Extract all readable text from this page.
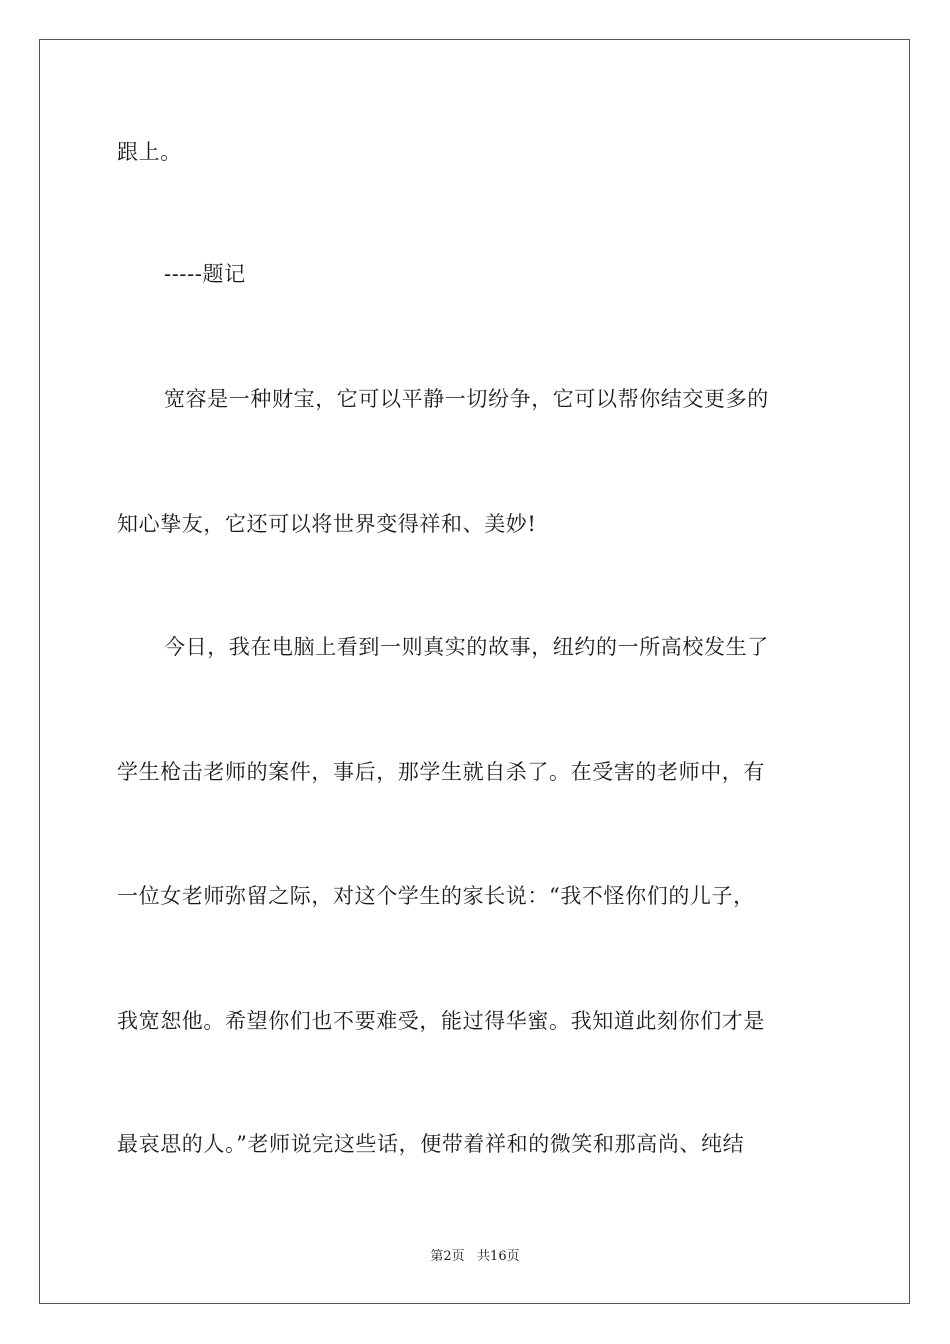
跟上。
-----题记
宽容是一种财宝，它可以平静一切纷争，它可以帮你结交更多的
知心挚友，它还可以将世界变得祥和、美妙!
今日，我在电脑上看到一则真实的故事，纽约的一所高校发生了
学生枪击老师的案件，事后，那学生就自杀了。在受害的老师中，有
一位女老师弥留之际，对这个学生的家长说：“我不怪你们的儿子，
我宽恕他。希望你们也不要难受，能过得华蜜。我知道此刻你们才是
最哀思的人。”老师说完这些话，便带着祥和的微笑和那高尚、纯结
第2页   共16页
